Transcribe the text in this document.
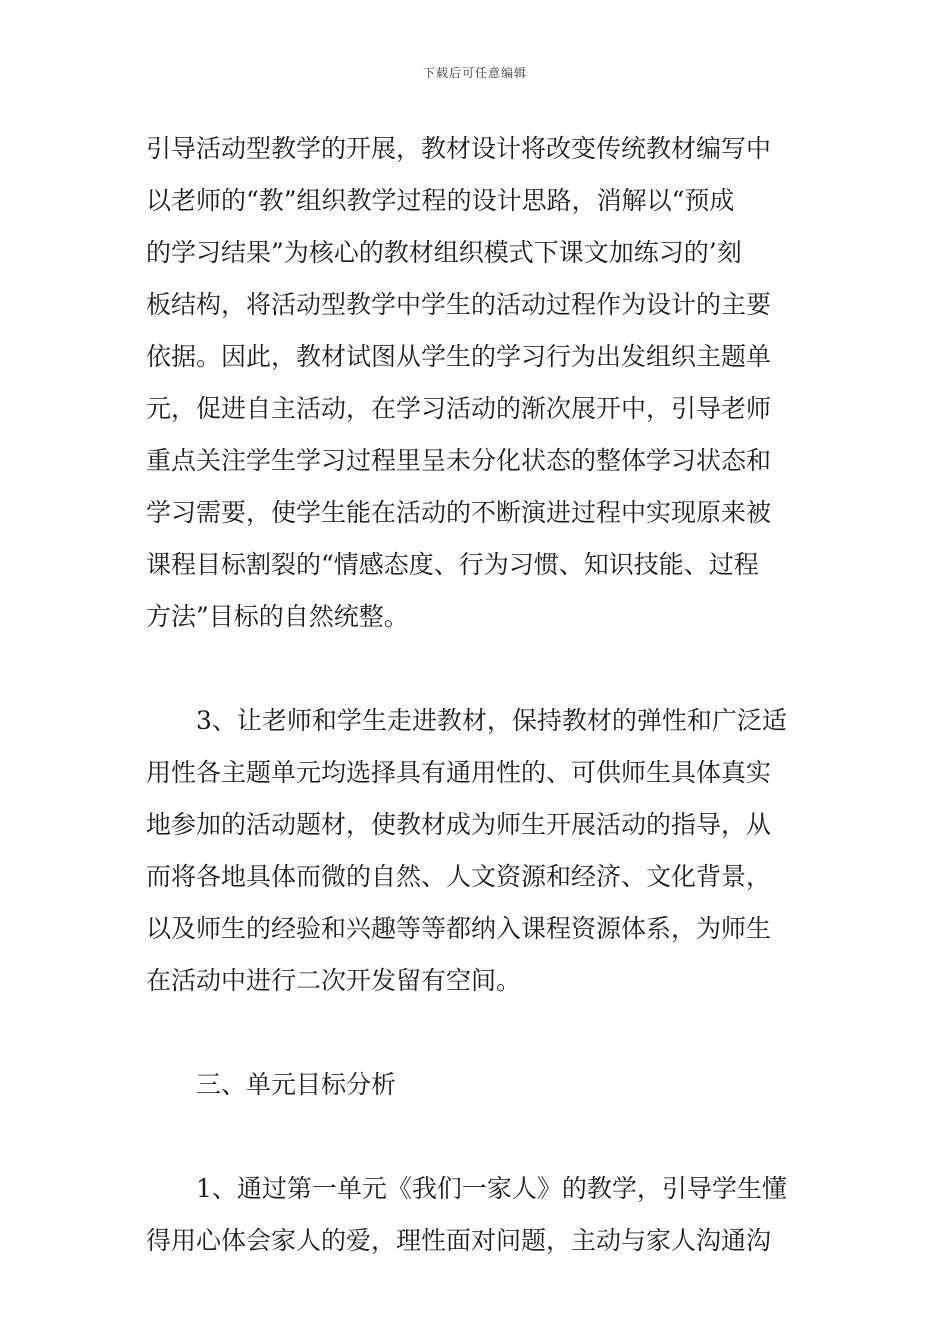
下载后可任意编辑
引导活动型教学的开展，教材设计将改变传统教材编写中
以老师的“教”组织教学过程的设计思路，消解以“预成
的学习结果”为核心的教材组织模式下课文加练习的’刻
板结构，将活动型教学中学生的活动过程作为设计的主要
依据。因此，教材试图从学生的学习行为出发组织主题单
元，促进自主活动，在学习活动的渐次展开中，引导老师
重点关注学生学习过程里呈未分化状态的整体学习状态和
学习需要，使学生能在活动的不断演进过程中实现原来被
课程目标割裂的“情感态度、行为习惯、知识技能、过程
方法”目标的自然统整。
3、让老师和学生走进教材，保持教材的弹性和广泛适
用性各主题单元均选择具有通用性的、可供师生具体真实
地参加的活动题材，使教材成为师生开展活动的指导，从
而将各地具体而微的自然、人文资源和经济、文化背景，
以及师生的经验和兴趣等等都纳入课程资源体系，为师生
在活动中进行二次开发留有空间。
三、单元目标分析
1、通过第一单元《我们一家人》的教学，引导学生懂
得用心体会家人的爱，理性面对问题，主动与家人沟通沟
